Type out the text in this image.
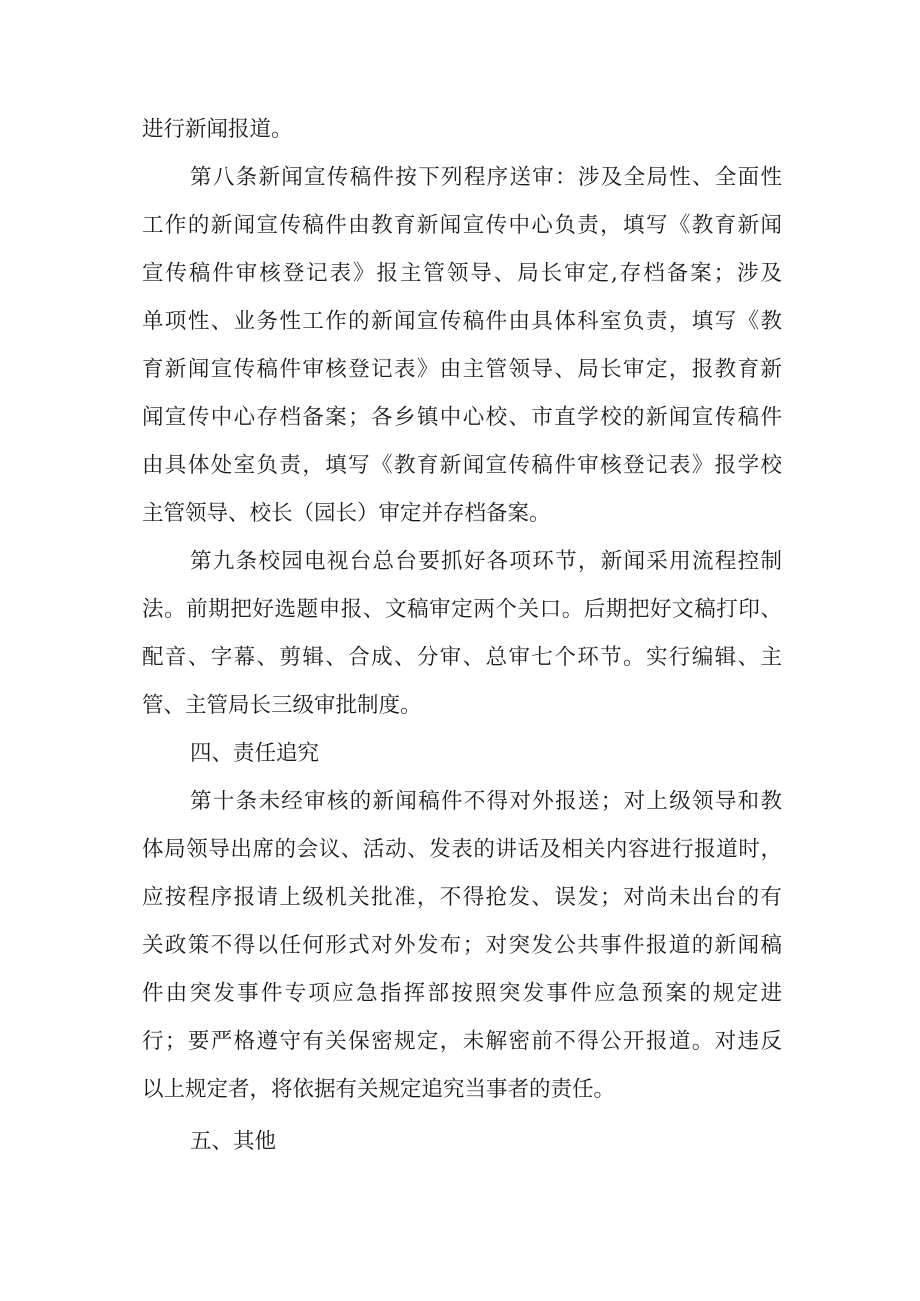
进行新闻报道。

第八条新闻宣传稿件按下列程序送审：涉及全局性、全面性

工作的新闻宣传稿件由教育新闻宣传中心负责，填写《教育新闻

宣传稿件审核登记表》报主管领导、局长审定,存档备案；涉及

单项性、业务性工作的新闻宣传稿件由具体科室负责，填写《教

育新闻宣传稿件审核登记表》由主管领导、局长审定，报教育新

闻宣传中心存档备案；各乡镇中心校、市直学校的新闻宣传稿件

由具体处室负责，填写《教育新闻宣传稿件审核登记表》报学校

主管领导、校长（园长）审定并存档备案。

第九条校园电视台总台要抓好各项环节，新闻采用流程控制

法。前期把好选题申报、文稿审定两个关口。后期把好文稿打印、

配音、字幕、剪辑、合成、分审、总审七个环节。实行编辑、主

管、主管局长三级审批制度。

四、责任追究

第十条未经审核的新闻稿件不得对外报送；对上级领导和教

体局领导出席的会议、活动、发表的讲话及相关内容进行报道时，

应按程序报请上级机关批准，不得抢发、误发；对尚未出台的有

关政策不得以任何形式对外发布；对突发公共事件报道的新闻稿

件由突发事件专项应急指挥部按照突发事件应急预案的规定进

行；要严格遵守有关保密规定，未解密前不得公开报道。对违反

以上规定者，将依据有关规定追究当事者的责任。

五、其他
